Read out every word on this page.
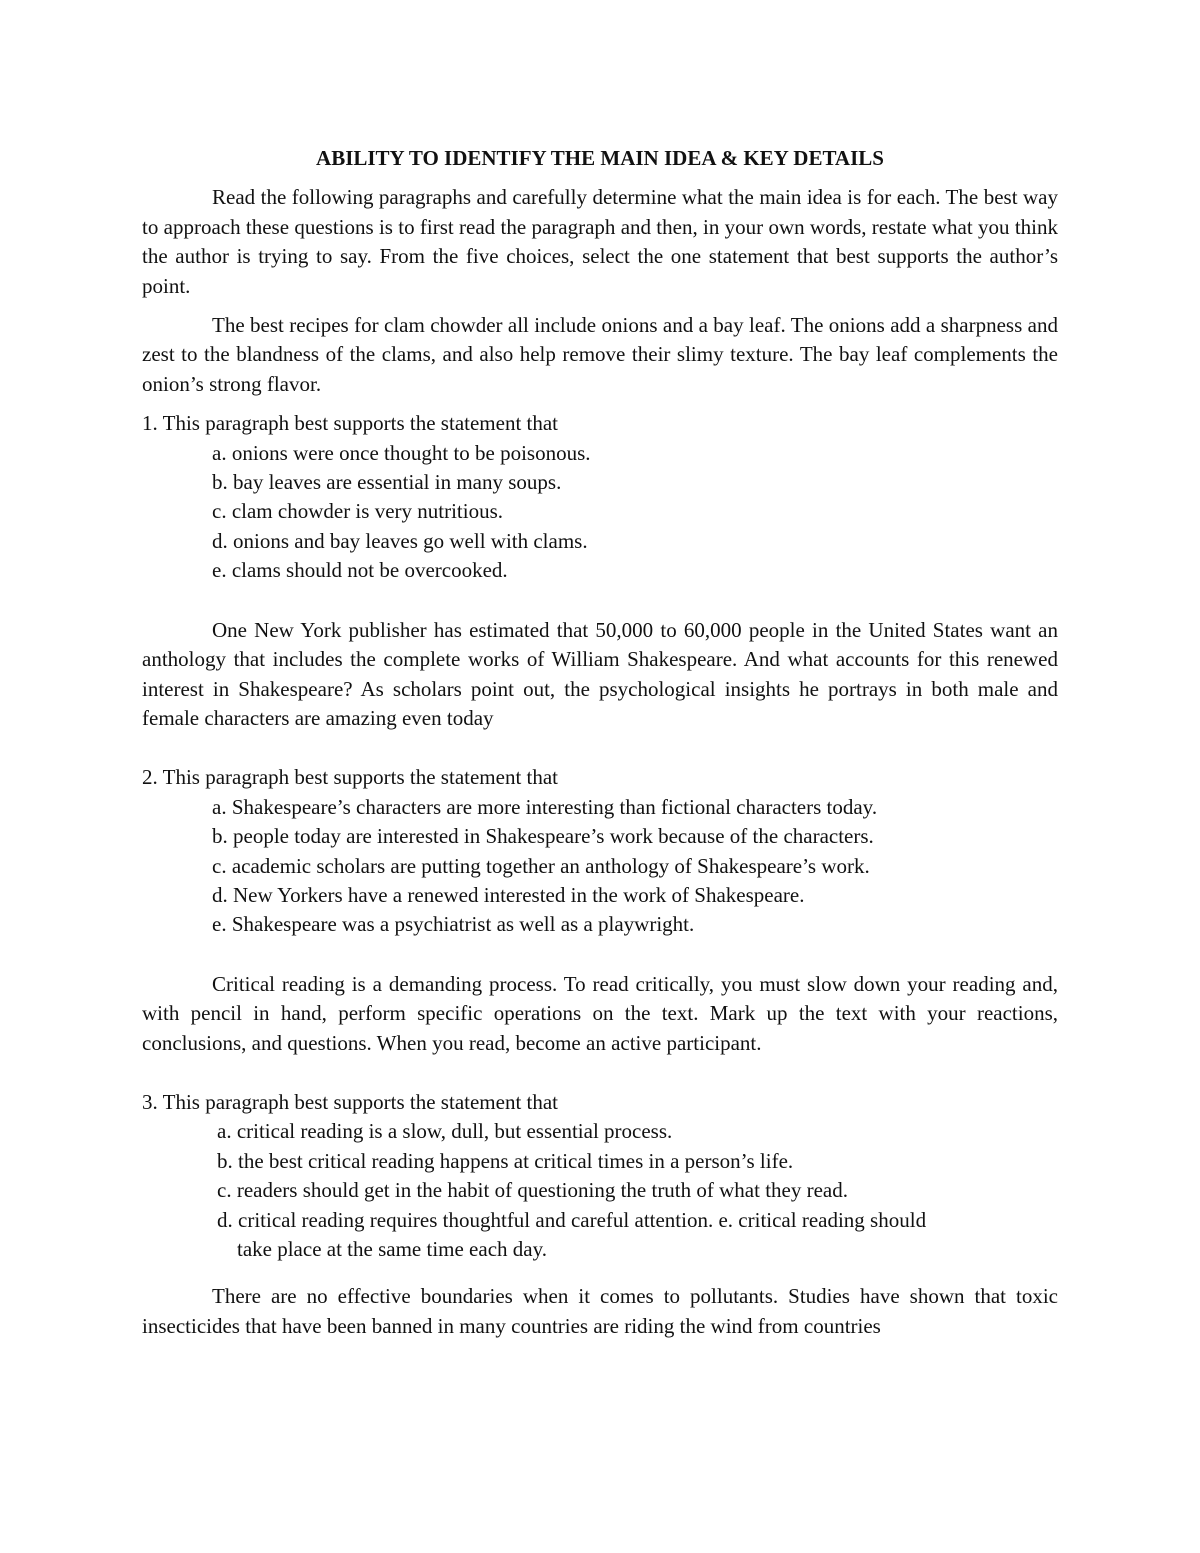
ABILITY TO IDENTIFY THE MAIN IDEA & KEY DETAILS

Read the following paragraphs and carefully determine what the main idea is for each. The best way to approach these questions is to first read the paragraph and then, in your own words, restate what you think the author is trying to say. From the five choices, select the one statement that best supports the author’s point.

The best recipes for clam chowder all include onions and a bay leaf. The onions add a sharpness and zest to the blandness of the clams, and also help remove their slimy texture. The bay leaf complements the onion’s strong flavor.

1. This paragraph best supports the statement that

a. onions were once thought to be poisonous.
b. bay leaves are essential in many soups.
c. clam chowder is very nutritious.
d. onions and bay leaves go well with clams.
e. clams should not be overcooked.

One New York publisher has estimated that 50,000 to 60,000 people in the United States want an anthology that includes the complete works of William Shakespeare. And what accounts for this renewed interest in Shakespeare? As scholars point out, the psychological insights he portrays in both male and female characters are amazing even today

2. This paragraph best supports the statement that

a. Shakespeare’s characters are more interesting than fictional characters today.
b. people today are interested in Shakespeare’s work because of the characters.
c. academic scholars are putting together an anthology of Shakespeare’s work.
d. New Yorkers have a renewed interested in the work of Shakespeare.
e. Shakespeare was a psychiatrist as well as a playwright.

Critical reading is a demanding process. To read critically, you must slow down your reading and, with pencil in hand, perform specific operations on the text. Mark up the text with your reactions, conclusions, and questions. When you read, become an active participant.

3. This paragraph best supports the statement that

a. critical reading is a slow, dull, but essential process.
b. the best critical reading happens at critical times in a person’s life.
c. readers should get in the habit of questioning the truth of what they read.
d. critical reading requires thoughtful and careful attention. e. critical reading should
take place at the same time each day.

There are no effective boundaries when it comes to pollutants. Studies have shown that toxic insecticides that have been banned in many countries are riding the wind from countries
